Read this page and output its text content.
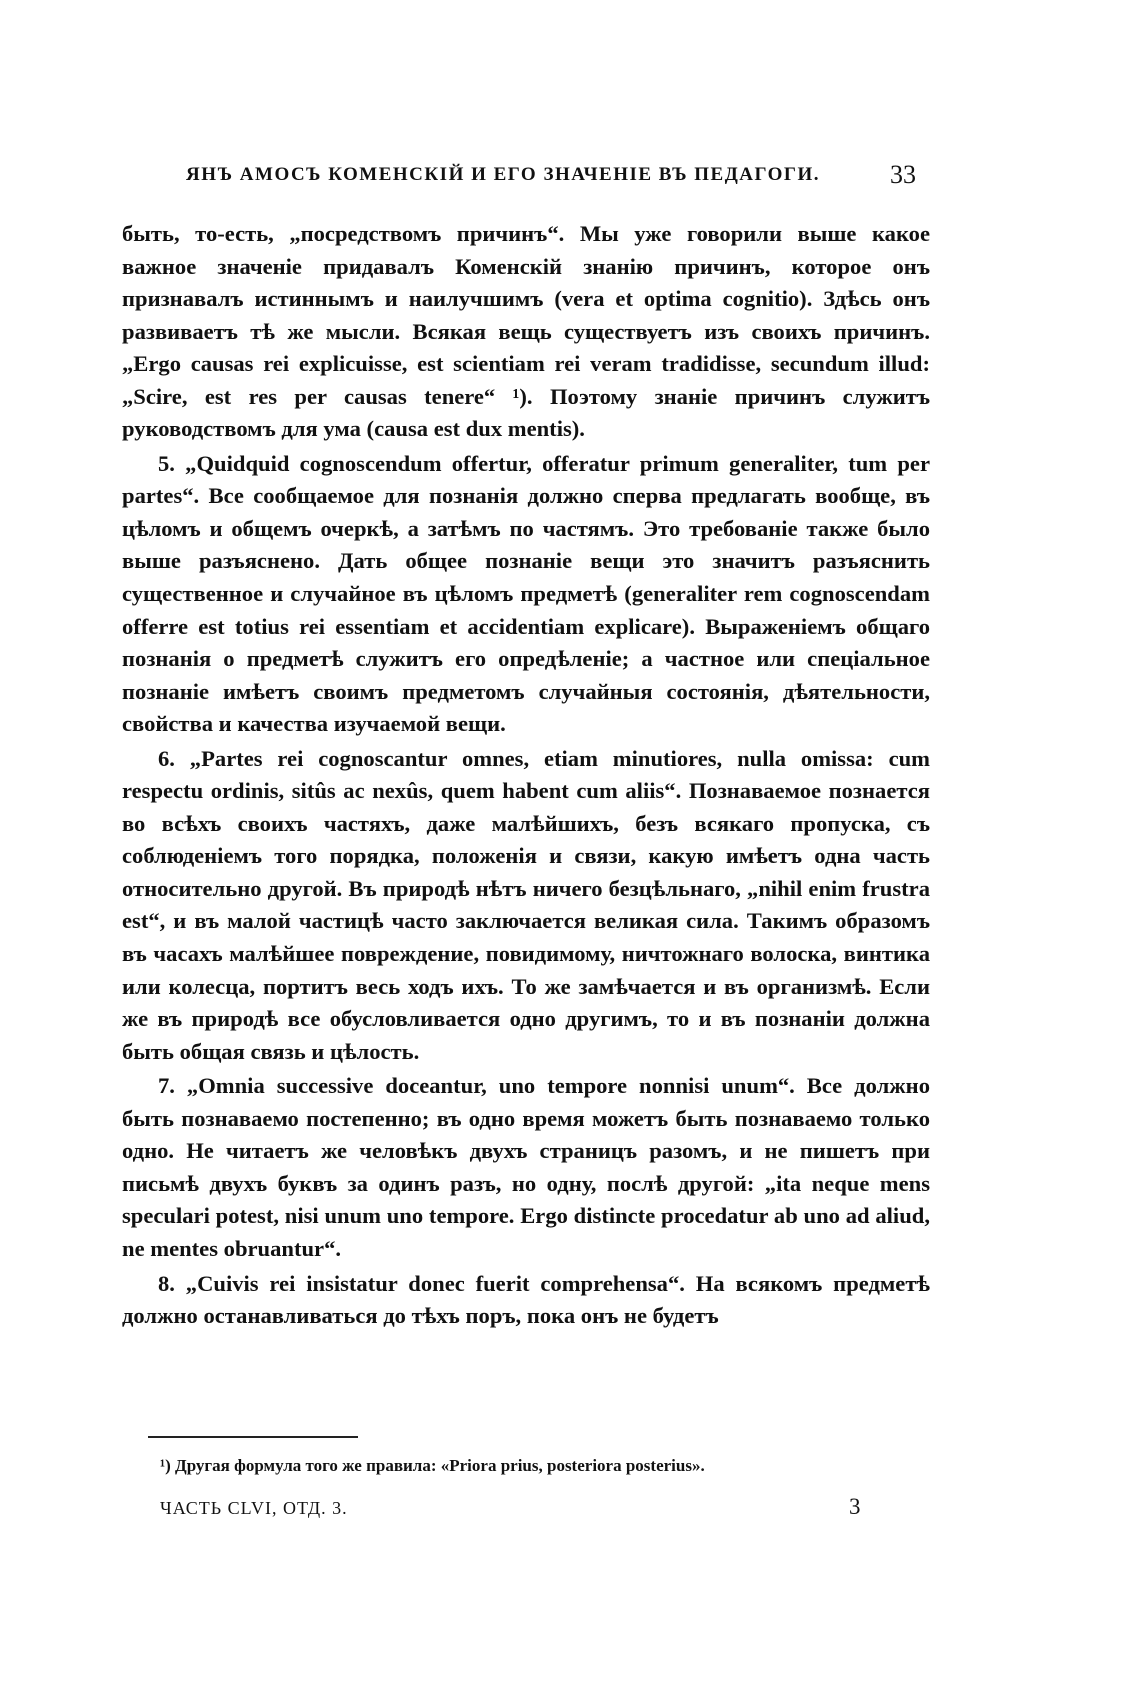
ЯНЪ АМОСЪ КОМЕНСКІЙ И ЕГО ЗНАЧЕНІЕ ВЪ ПЕДАГОГИ.	33

быть, то-есть, „посредствомъ причинъ“. Мы уже говорили выше какое важное значеніе придавалъ Коменскій знанію причинъ, которое онъ признавалъ истиннымъ и наилучшимъ (vera et optima cognitio). Здѣсь онъ развиваетъ тѣ же мысли. Всякая вещь существуетъ изъ своихъ причинъ. „Ergo causas rei explicuisse, est scientiam rei veram tradidisse, secundum illud: „Scire, est res per causas tenere“ ¹). Поэтому знаніе причинъ служитъ руководствомъ для ума (causa est dux mentis).

5. „Quidquid cognoscendum offertur, offeratur primum generaliter, tum per partes“. Все сообщаемое для познанія должно сперва предлагать вообще, въ цѣломъ и общемъ очеркѣ, а затѣмъ по частямъ. Это требованіе также было выше разъяснено. Дать общее познаніе вещи это значитъ разъяснить существенное и случайное въ цѣломъ предметѣ (generaliter rem cognoscendam offerre est totius rei essentiam et accidentiam explicare). Выраженіемъ общаго познанія о предметѣ служитъ его опредѣленіе; а частное или спеціальное познаніе имѣетъ своимъ предметомъ случайныя состоянія, дѣятельности, свойства и качества изучаемой вещи.

6. „Partes rei cognoscantur omnes, etiam minutiores, nulla omissa: cum respectu ordinis, sitûs ac nexûs, quem habent cum aliis“. Познаваемое познается во всѣхъ своихъ частяхъ, даже малѣйшихъ, безъ всякаго пропуска, съ соблюденіемъ того порядка, положенія и связи, какую имѣетъ одна часть относительно другой. Въ природѣ нѣтъ ничего безцѣльнаго, „nihil enim frustra est“, и въ малой частицѣ часто заключается великая сила. Такимъ образомъ въ часахъ малѣйшее повреждение, повидимому, ничтожнаго волоска, винтика или колесца, портитъ весь ходъ ихъ. То же замѣчается и въ организмѣ. Если же въ природѣ все обусловливается одно другимъ, то и въ познаніи должна быть общая связь и цѣлость.

7. „Omnia successive doceantur, uno tempore nonnisi unum“. Все должно быть познаваемо постепенно; въ одно время можетъ быть познаваемо только одно. Не читаетъ же человѣкъ двухъ страницъ разомъ, и не пишетъ при письмѣ двухъ буквъ за одинъ разъ, но одну, послѣ другой: „ita neque mens speculari potest, nisi unum uno tempore. Ergo distincte procedatur ab uno ad aliud, ne mentes obruantur“.

8. „Cuivis rei insistatur donec fuerit comprehensa“. На всякомъ предметѣ должно останавливаться до тѣхъ поръ, пока онъ не будетъ

¹) Другая формула того же правила: «Priora prius, posteriora posterius».
ЧАСТЬ CLVI, ОТД. 3.	3
